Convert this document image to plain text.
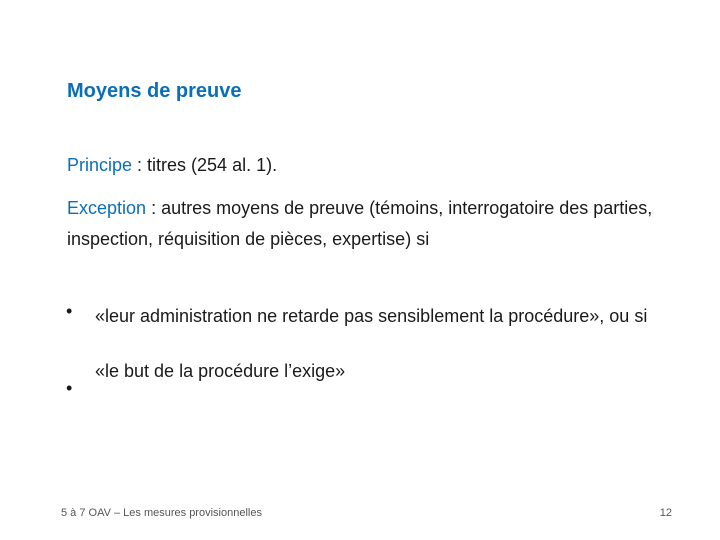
Moyens de preuve
Principe : titres (254 al. 1).
Exception : autres moyens de preuve (témoins, interrogatoire des parties, inspection, réquisition de pièces, expertise) si
• «leur administration ne retarde pas sensiblement la procédure», ou si
«le but de la procédure l’exige»
•
5 à 7 OAV – Les mesures provisionnelles	12
